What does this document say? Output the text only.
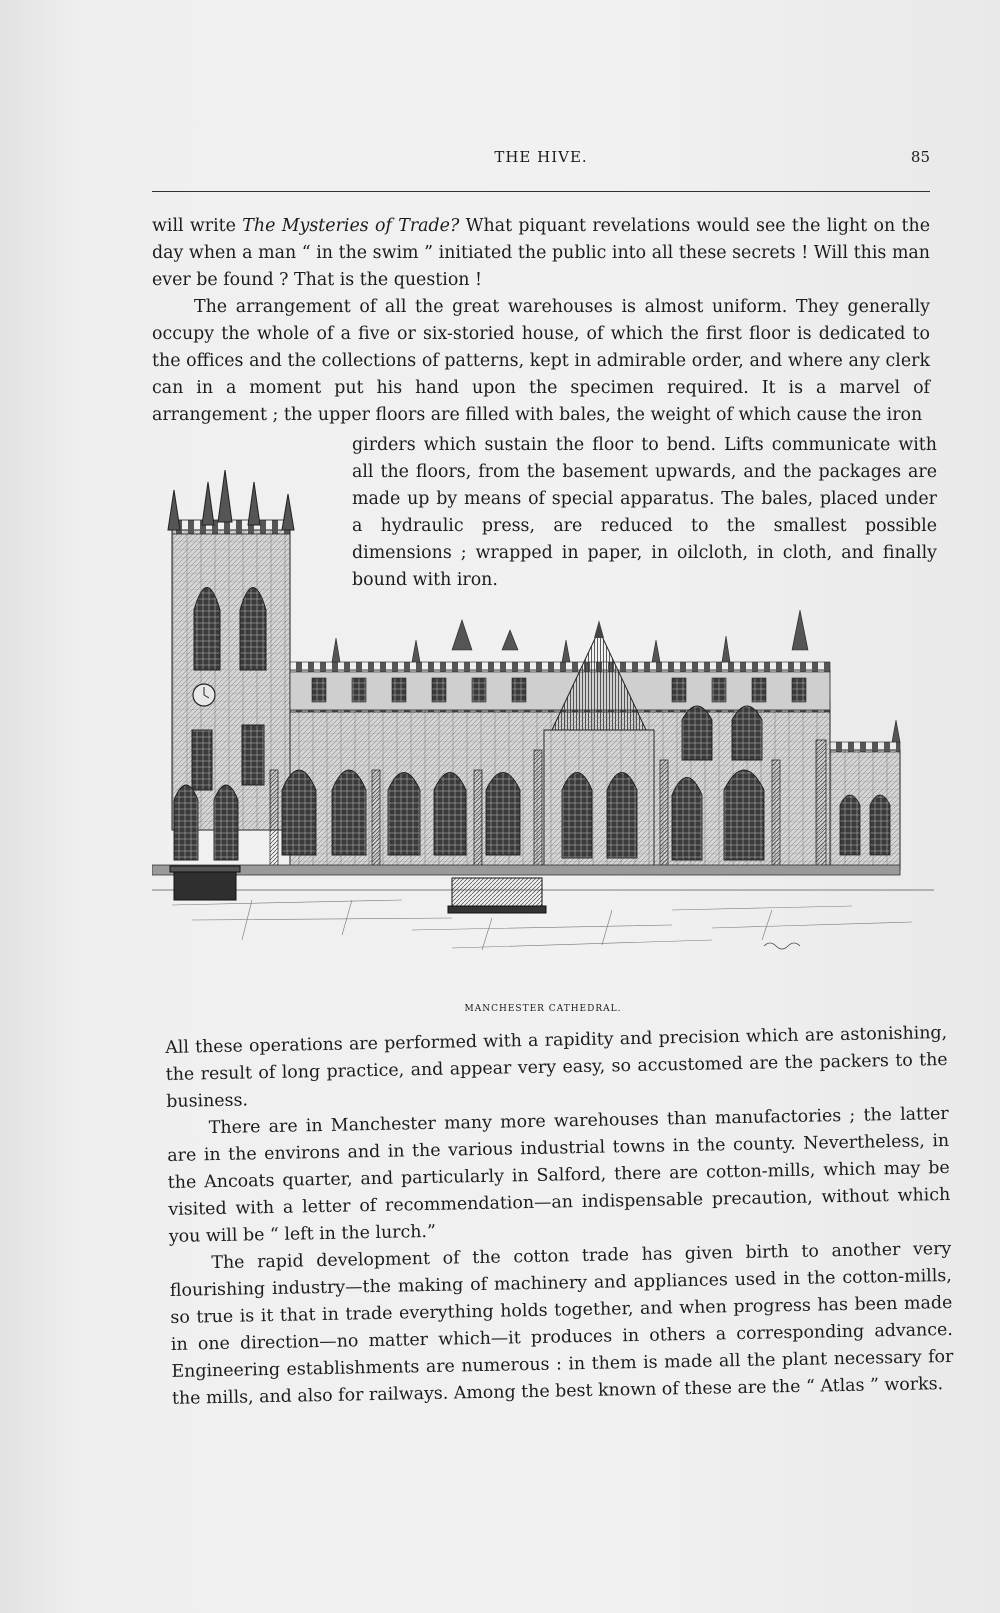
THE HIVE.	85

will write The Mysteries of Trade? What piquant revelations would see the light on the day when a man “ in the swim ” initiated the public into all these secrets ! Will this man ever be found ? That is the question !

The arrangement of all the great warehouses is almost uniform. They generally occupy the whole of a five or six-storied house, of which the first floor is dedicated to the offices and the collections of patterns, kept in admirable order, and where any clerk can in a moment put his hand upon the specimen required. It is a marvel of arrangement ; the upper floors are filled with bales, the weight of which cause the iron

girders which sustain the floor to bend. Lifts communicate with all the floors, from the basement upwards, and the packages are made up by means of special apparatus. The bales, placed under a hydraulic press, are reduced to the smallest possible dimensions ; wrapped in paper, in oilcloth, in cloth, and finally bound with iron.

MANCHESTER CATHEDRAL.

All these operations are performed with a rapidity and precision which are astonishing, the result of long practice, and appear very easy, so accustomed are the packers to the business.

There are in Manchester many more warehouses than manufactories ; the latter are in the environs and in the various industrial towns in the county. Nevertheless, in the Ancoats quarter, and particularly in Salford, there are cotton-mills, which may be visited with a letter of recommendation—an indispensable precaution, without which you will be “ left in the lurch.”

The rapid development of the cotton trade has given birth to another very flourishing industry—the making of machinery and appliances used in the cotton-mills, so true is it that in trade everything holds together, and when progress has been made in one direction—no matter which—it produces in others a corresponding advance. Engineering establishments are numerous : in them is made all the plant necessary for the mills, and also for railways. Among the best known of these are the “ Atlas ” works.
